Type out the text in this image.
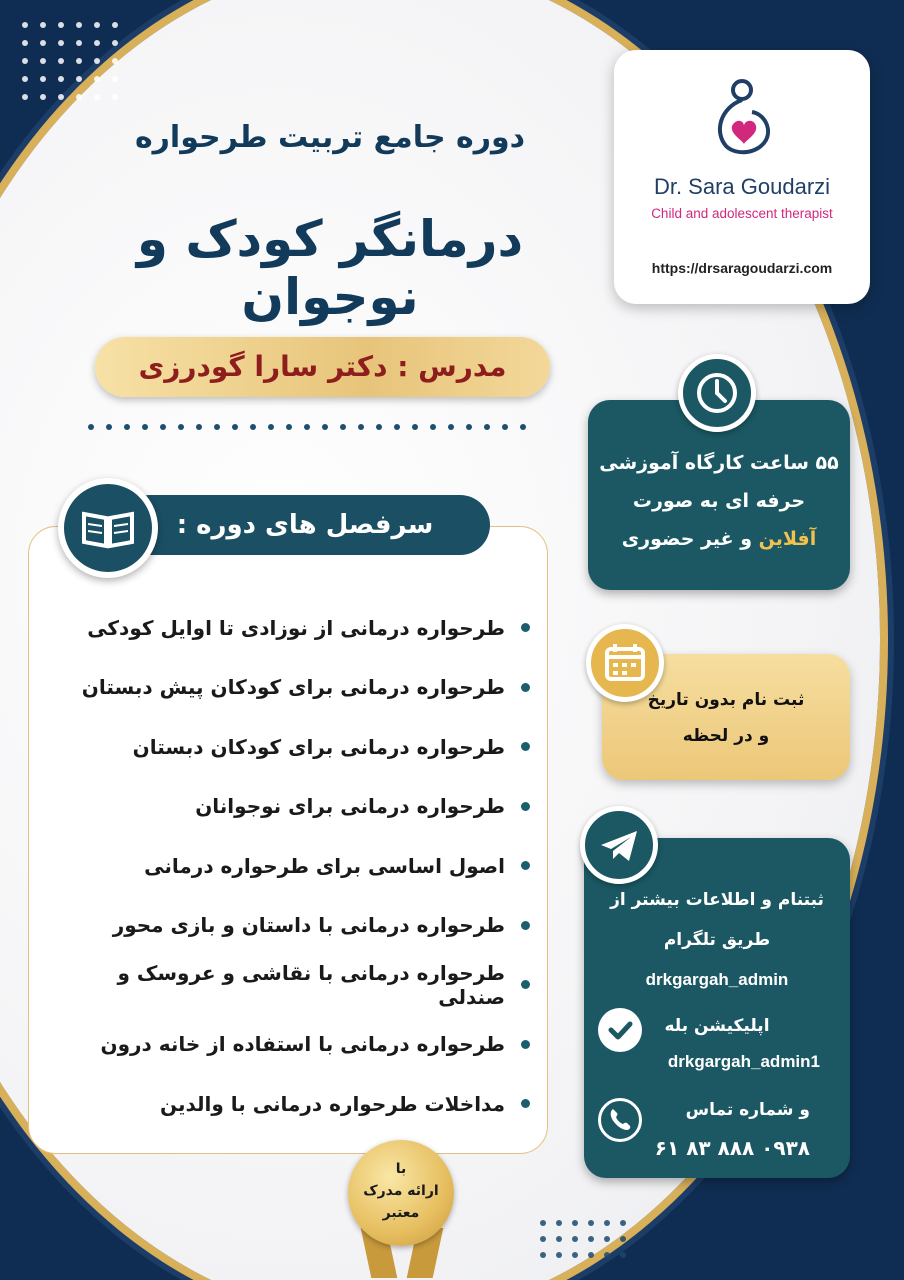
Dr. Sara Goudarzi
Child and adolescent therapist
https://drsaragoudarzi.com
دوره جامع تربیت طرحواره
درمانگر کودک و نوجوان
مدرس : دکتر سارا گودرزی
سرفصل های دوره :
طرحواره درمانی از نوزادی تا اوایل کودکی
طرحواره درمانی برای کودکان پیش دبستان
طرحواره درمانی برای کودکان دبستان
طرحواره درمانی برای نوجوانان
اصول اساسی برای طرحواره درمانی
طرحواره درمانی با داستان و بازی محور
طرحواره درمانی با نقاشی و عروسک و صندلی
طرحواره درمانی با استفاده از خانه درون
مداخلات طرحواره درمانی با والدین
با
ارائه مدرک
معتبر
۵۵ ساعت کارگاه آموزشی
حرفه ای به صورت
آفلاین و غیر حضوری
ثبت نام بدون تاریخ
و در لحظه
ثبتنام و اطلاعات بیشتر از
طریق تلگرام
drkgargah_admin
اپلیکیشن بله
drkgargah_admin1
و شماره تماس
۰۹۳۸ ۸۸۸ ۸۳ ۶۱
